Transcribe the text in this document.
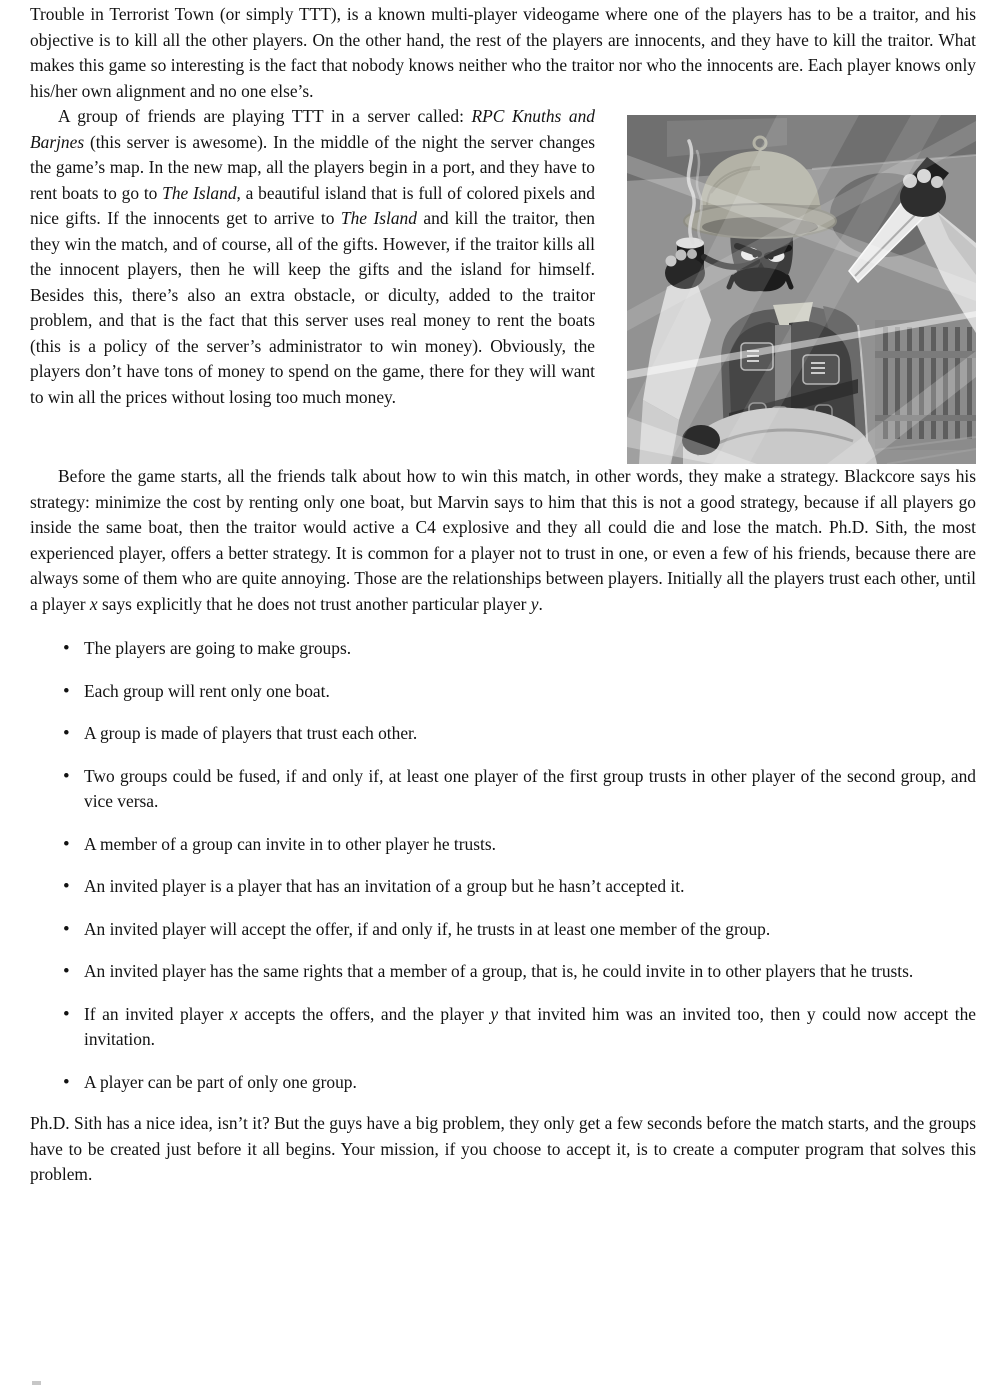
Trouble in Terrorist Town (or simply TTT), is a known multi-player videogame where one of the players has to be a traitor, and his objective is to kill all the other players. On the other hand, the rest of the players are innocents, and they have to kill the traitor. What makes this game so interesting is the fact that nobody knows neither who the traitor nor who the innocents are. Each player knows only his/her own alignment and no one else’s.

A group of friends are playing TTT in a server called: RPC Knuths and Barjnes (this server is awesome). In the middle of the night the server changes the game’s map. In the new map, all the players begin in a port, and they have to rent boats to go to The Island, a beautiful island that is full of colored pixels and nice gifts. If the innocents get to arrive to The Island and kill the traitor, then they win the match, and of course, all of the gifts. However, if the traitor kills all the innocent players, then he will keep the gifts and the island for himself. Besides this, there’s also an extra obstacle, or diculty, added to the traitor problem, and that is the fact that this server uses real money to rent the boats (this is a policy of the server’s administrator to win money). Obviously, the players don’t have tons of money to spend on the game, there for they will want to win all the prices without losing too much money.

Before the game starts, all the friends talk about how to win this match, in other words, they make a strategy. Blackcore says his strategy: minimize the cost by renting only one boat, but Marvin says to him that this is not a good strategy, because if all players go inside the same boat, then the traitor would active a C4 explosive and they all could die and lose the match. Ph.D. Sith, the most experienced player, offers a better strategy. It is common for a player not to trust in one, or even a few of his friends, because there are always some of them who are quite annoying. Those are the relationships between players. Initially all the players trust each other, until a player x says explicitly that he does not trust another particular player y.

• The players are going to make groups.
• Each group will rent only one boat.
• A group is made of players that trust each other.
• Two groups could be fused, if and only if, at least one player of the first group trusts in other player of the second group, and vice versa.
• A member of a group can invite in to other player he trusts.
• An invited player is a player that has an invitation of a group but he hasn’t accepted it.
• An invited player will accept the offer, if and only if, he trusts in at least one member of the group.
• An invited player has the same rights that a member of a group, that is, he could invite in to other players that he trusts.
• If an invited player x accepts the offers, and the player y that invited him was an invited too, then y could now accept the invitation.
• A player can be part of only one group.

Ph.D. Sith has a nice idea, isn’t it? But the guys have a big problem, they only get a few seconds before the match starts, and the groups have to be created just before it all begins. Your mission, if you choose to accept it, is to create a computer program that solves this problem.
